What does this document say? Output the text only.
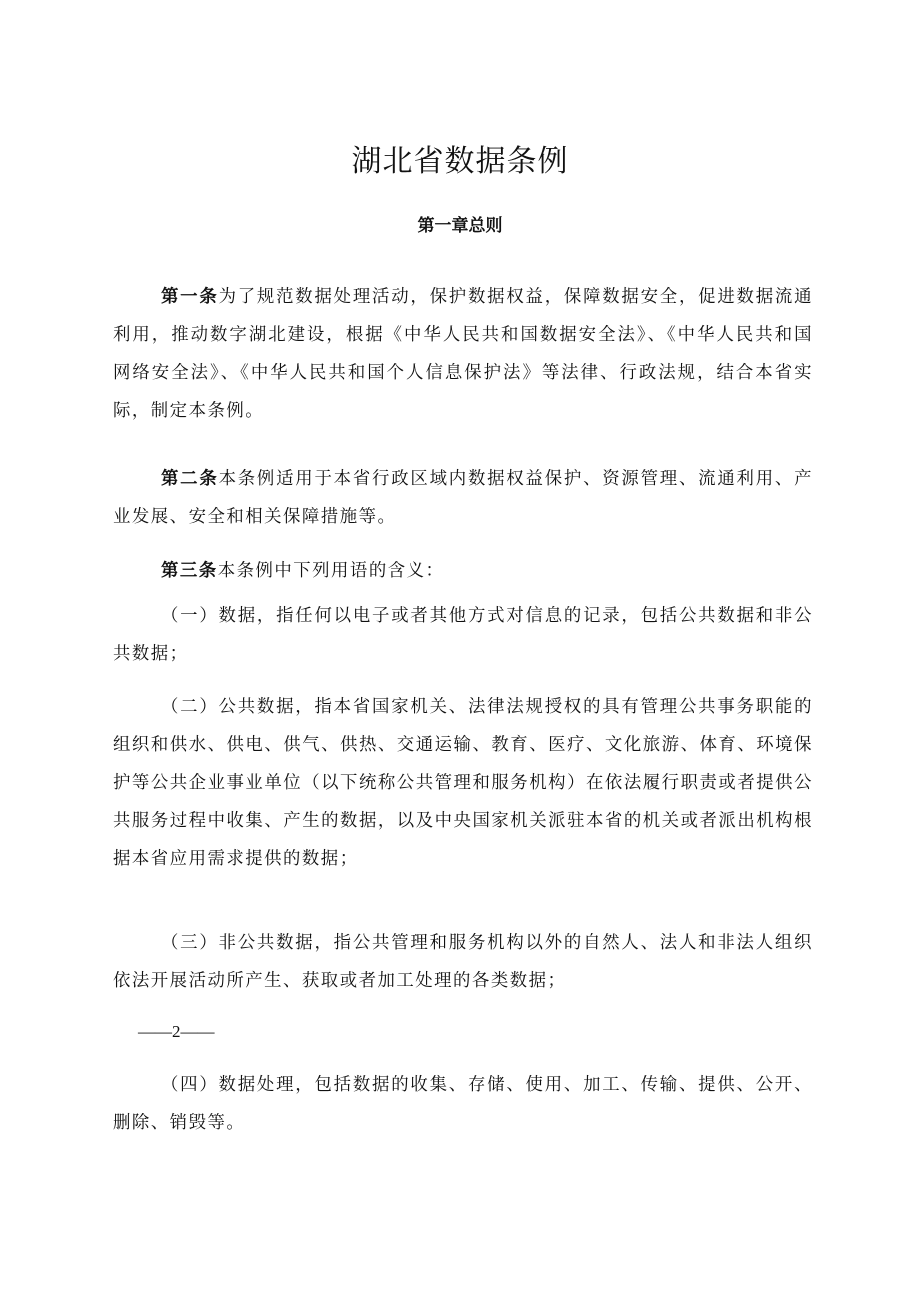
湖北省数据条例
第一章总则

第一条为了规范数据处理活动，保护数据权益，保障数据安全，促进数据流通利用，推动数字湖北建设，根据《中华人民共和国数据安全法》、《中华人民共和国网络安全法》、《中华人民共和国个人信息保护法》等法律、行政法规，结合本省实际，制定本条例。

第二条本条例适用于本省行政区域内数据权益保护、资源管理、流通利用、产业发展、安全和相关保障措施等。

第三条本条例中下列用语的含义：

（一）数据，指任何以电子或者其他方式对信息的记录，包括公共数据和非公共数据；

（二）公共数据，指本省国家机关、法律法规授权的具有管理公共事务职能的组织和供水、供电、供气、供热、交通运输、教育、医疗、文化旅游、体育、环境保护等公共企业事业单位（以下统称公共管理和服务机构）在依法履行职责或者提供公共服务过程中收集、产生的数据，以及中央国家机关派驻本省的机关或者派出机构根据本省应用需求提供的数据；

（三）非公共数据，指公共管理和服务机构以外的自然人、法人和非法人组织依法开展活动所产生、获取或者加工处理的各类数据；

——2——

（四）数据处理，包括数据的收集、存储、使用、加工、传输、提供、公开、删除、销毁等。
